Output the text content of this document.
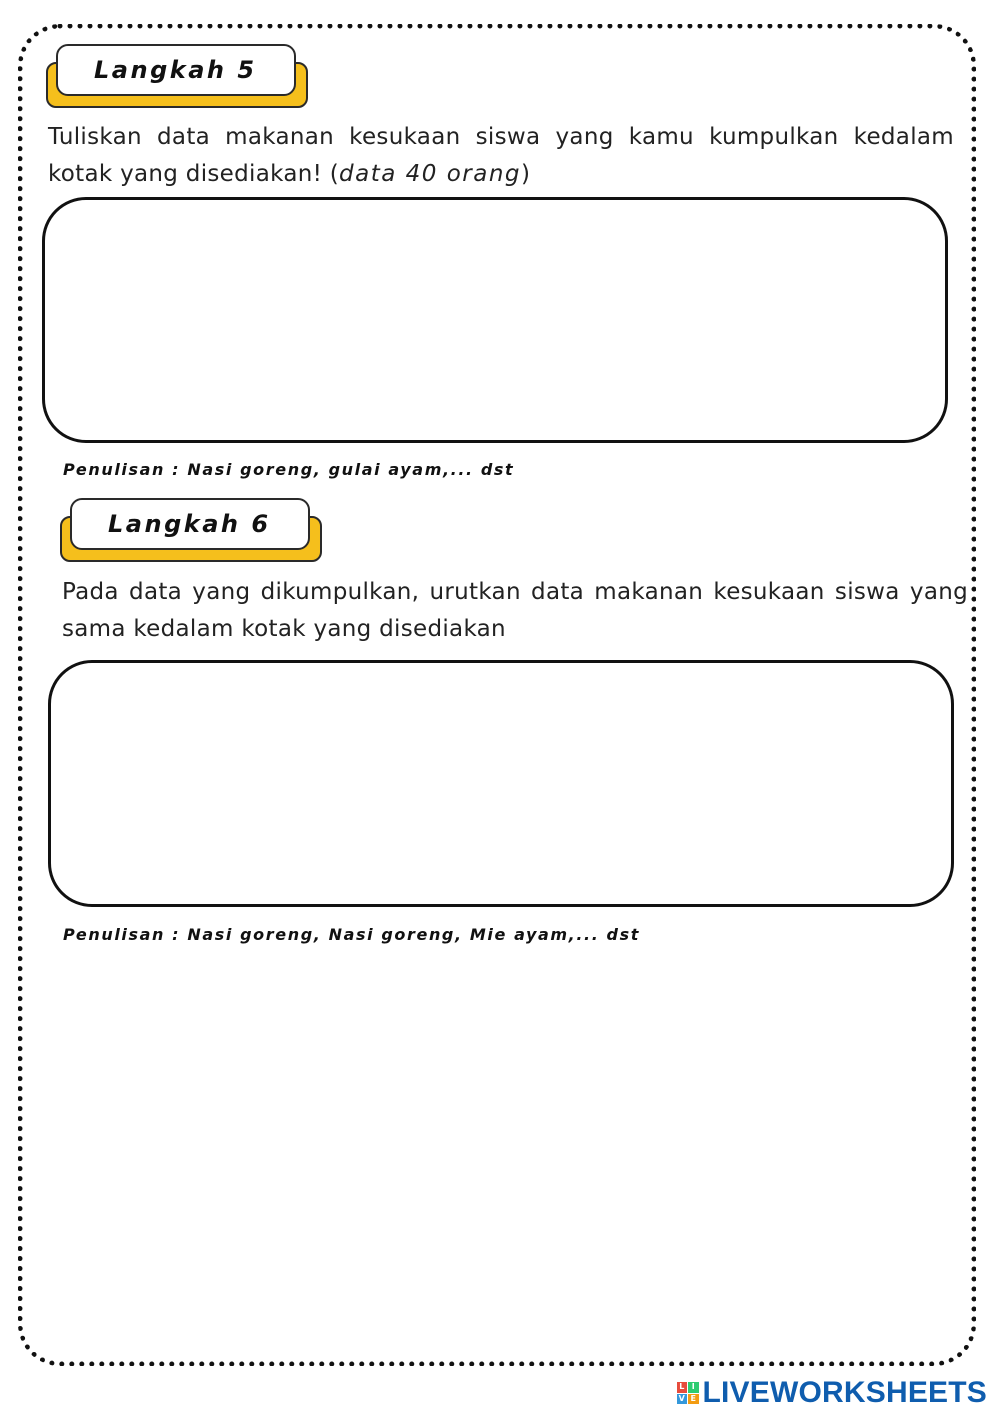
Langkah 5
Tuliskan data makanan kesukaan siswa yang kamu kumpulkan kedalam kotak yang disediakan! (data 40 orang)
Penulisan : Nasi goreng, gulai ayam,... dst
Langkah 6
Pada data yang dikumpulkan, urutkan data makanan kesukaan siswa yang sama kedalam kotak yang disediakan
Penulisan : Nasi goreng, Nasi goreng, Mie ayam,... dst
L I
V E LIVEWORKSHEETS
